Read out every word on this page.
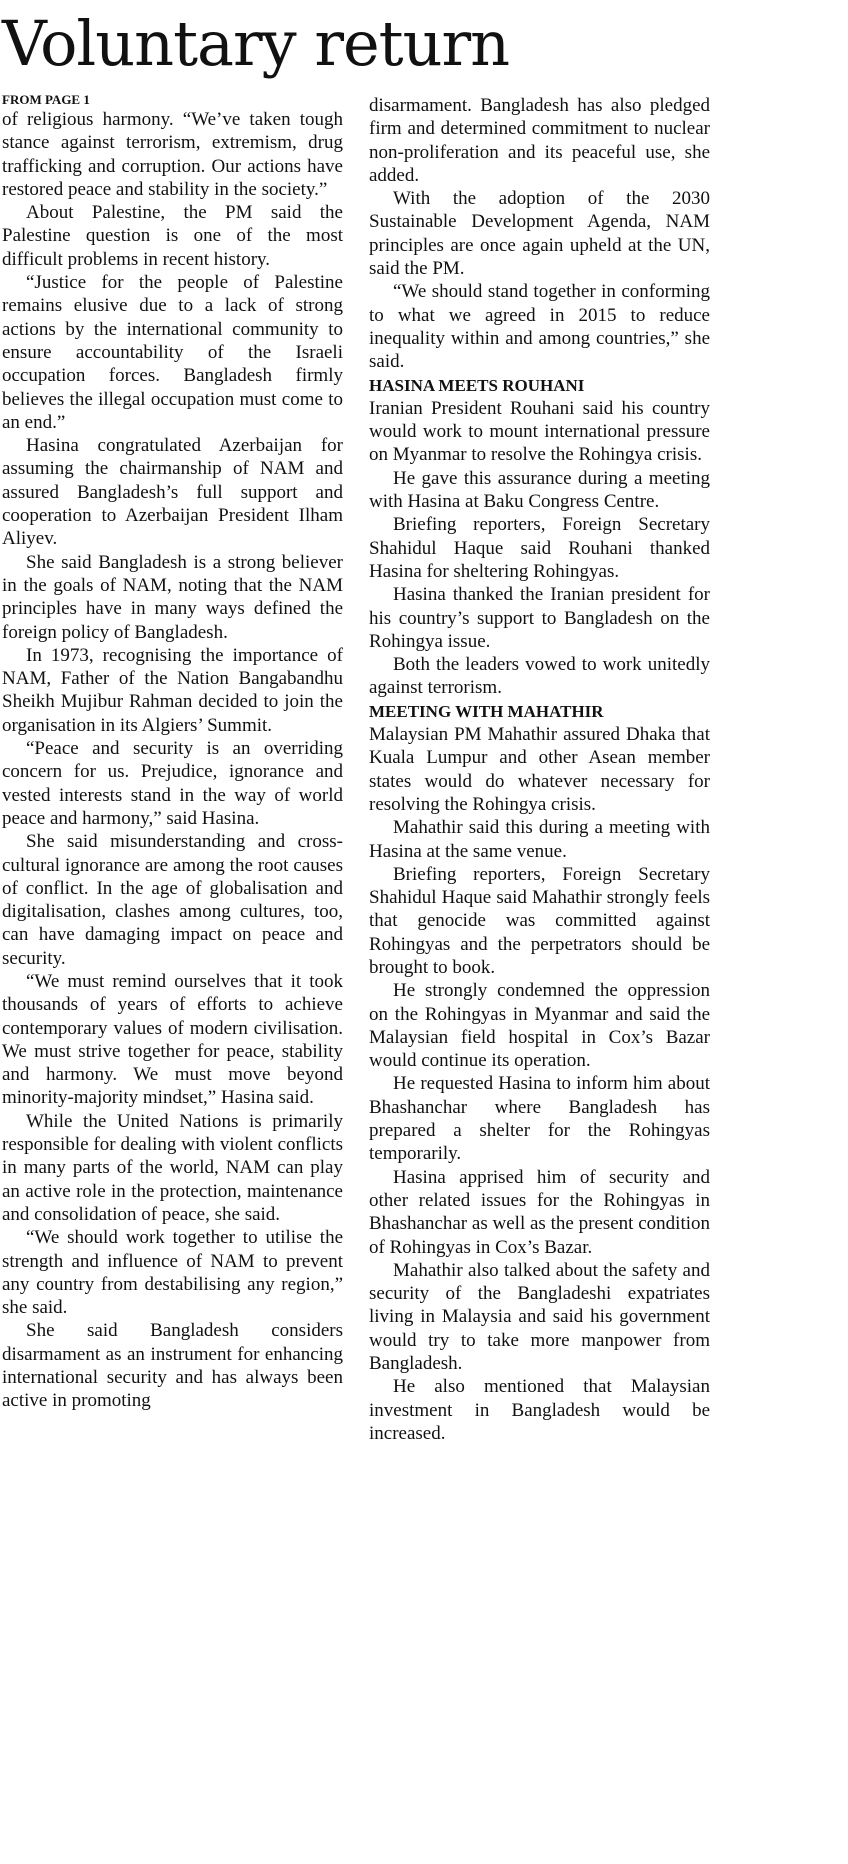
Voluntary return
FROM PAGE 1

of religious harmony. “We’ve taken tough stance against terrorism, extremism, drug trafficking and corruption. Our actions have restored peace and stability in the society.”

About Palestine, the PM said the Palestine question is one of the most difficult problems in recent history.

“Justice for the people of Palestine remains elusive due to a lack of strong actions by the international community to ensure accountability of the Israeli occupation forces. Bangladesh firmly believes the illegal occupation must come to an end.”

Hasina congratulated Azerbaijan for assuming the chairmanship of NAM and assured Bangladesh’s full support and cooperation to Azerbaijan President Ilham Aliyev.

She said Bangladesh is a strong believer in the goals of NAM, noting that the NAM principles have in many ways defined the foreign policy of Bangladesh.

In 1973, recognising the importance of NAM, Father of the Nation Bangabandhu Sheikh Mujibur Rahman decided to join the organisation in its Algiers’ Summit.

“Peace and security is an overriding concern for us. Prejudice, ignorance and vested interests stand in the way of world peace and harmony,” said Hasina.

She said misunderstanding and cross-cultural ignorance are among the root causes of conflict. In the age of globalisation and digitalisation, clashes among cultures, too, can have damaging impact on peace and security.

“We must remind ourselves that it took thousands of years of efforts to achieve contemporary values of modern civilisation. We must strive together for peace, stability and harmony. We must move beyond minority-majority mindset,” Hasina said.

While the United Nations is primarily responsible for dealing with violent conflicts in many parts of the world, NAM can play an active role in the protection, maintenance and consolidation of peace, she said.

“We should work together to utilise the strength and influence of NAM to prevent any country from destabilising any region,” she said.

She said Bangladesh considers disarmament as an instrument for enhancing international security and has always been active in promoting

disarmament. Bangladesh has also pledged firm and determined commitment to nuclear non-proliferation and its peaceful use, she added.

With the adoption of the 2030 Sustainable Development Agenda, NAM principles are once again upheld at the UN, said the PM.

“We should stand together in conforming to what we agreed in 2015 to reduce inequality within and among countries,” she said.

HASINA MEETS ROUHANI

Iranian President Rouhani said his country would work to mount international pressure on Myanmar to resolve the Rohingya crisis.

He gave this assurance during a meeting with Hasina at Baku Congress Centre.

Briefing reporters, Foreign Secretary Shahidul Haque said Rouhani thanked Hasina for sheltering Rohingyas.

Hasina thanked the Iranian president for his country’s support to Bangladesh on the Rohingya issue.

Both the leaders vowed to work unitedly against terrorism.

MEETING WITH MAHATHIR

Malaysian PM Mahathir assured Dhaka that Kuala Lumpur and other Asean member states would do whatever necessary for resolving the Rohingya crisis.

Mahathir said this during a meeting with Hasina at the same venue.

Briefing reporters, Foreign Secretary Shahidul Haque said Mahathir strongly feels that genocide was committed against Rohingyas and the perpetrators should be brought to book.

He strongly condemned the oppression on the Rohingyas in Myanmar and said the Malaysian field hospital in Cox’s Bazar would continue its operation.

He requested Hasina to inform him about Bhashanchar where Bangladesh has prepared a shelter for the Rohingyas temporarily.

Hasina apprised him of security and other related issues for the Rohingyas in Bhashanchar as well as the present condition of Rohingyas in Cox’s Bazar.

Mahathir also talked about the safety and security of the Bangladeshi expatriates living in Malaysia and said his government would try to take more manpower from Bangladesh.

He also mentioned that Malaysian investment in Bangladesh would be increased.
